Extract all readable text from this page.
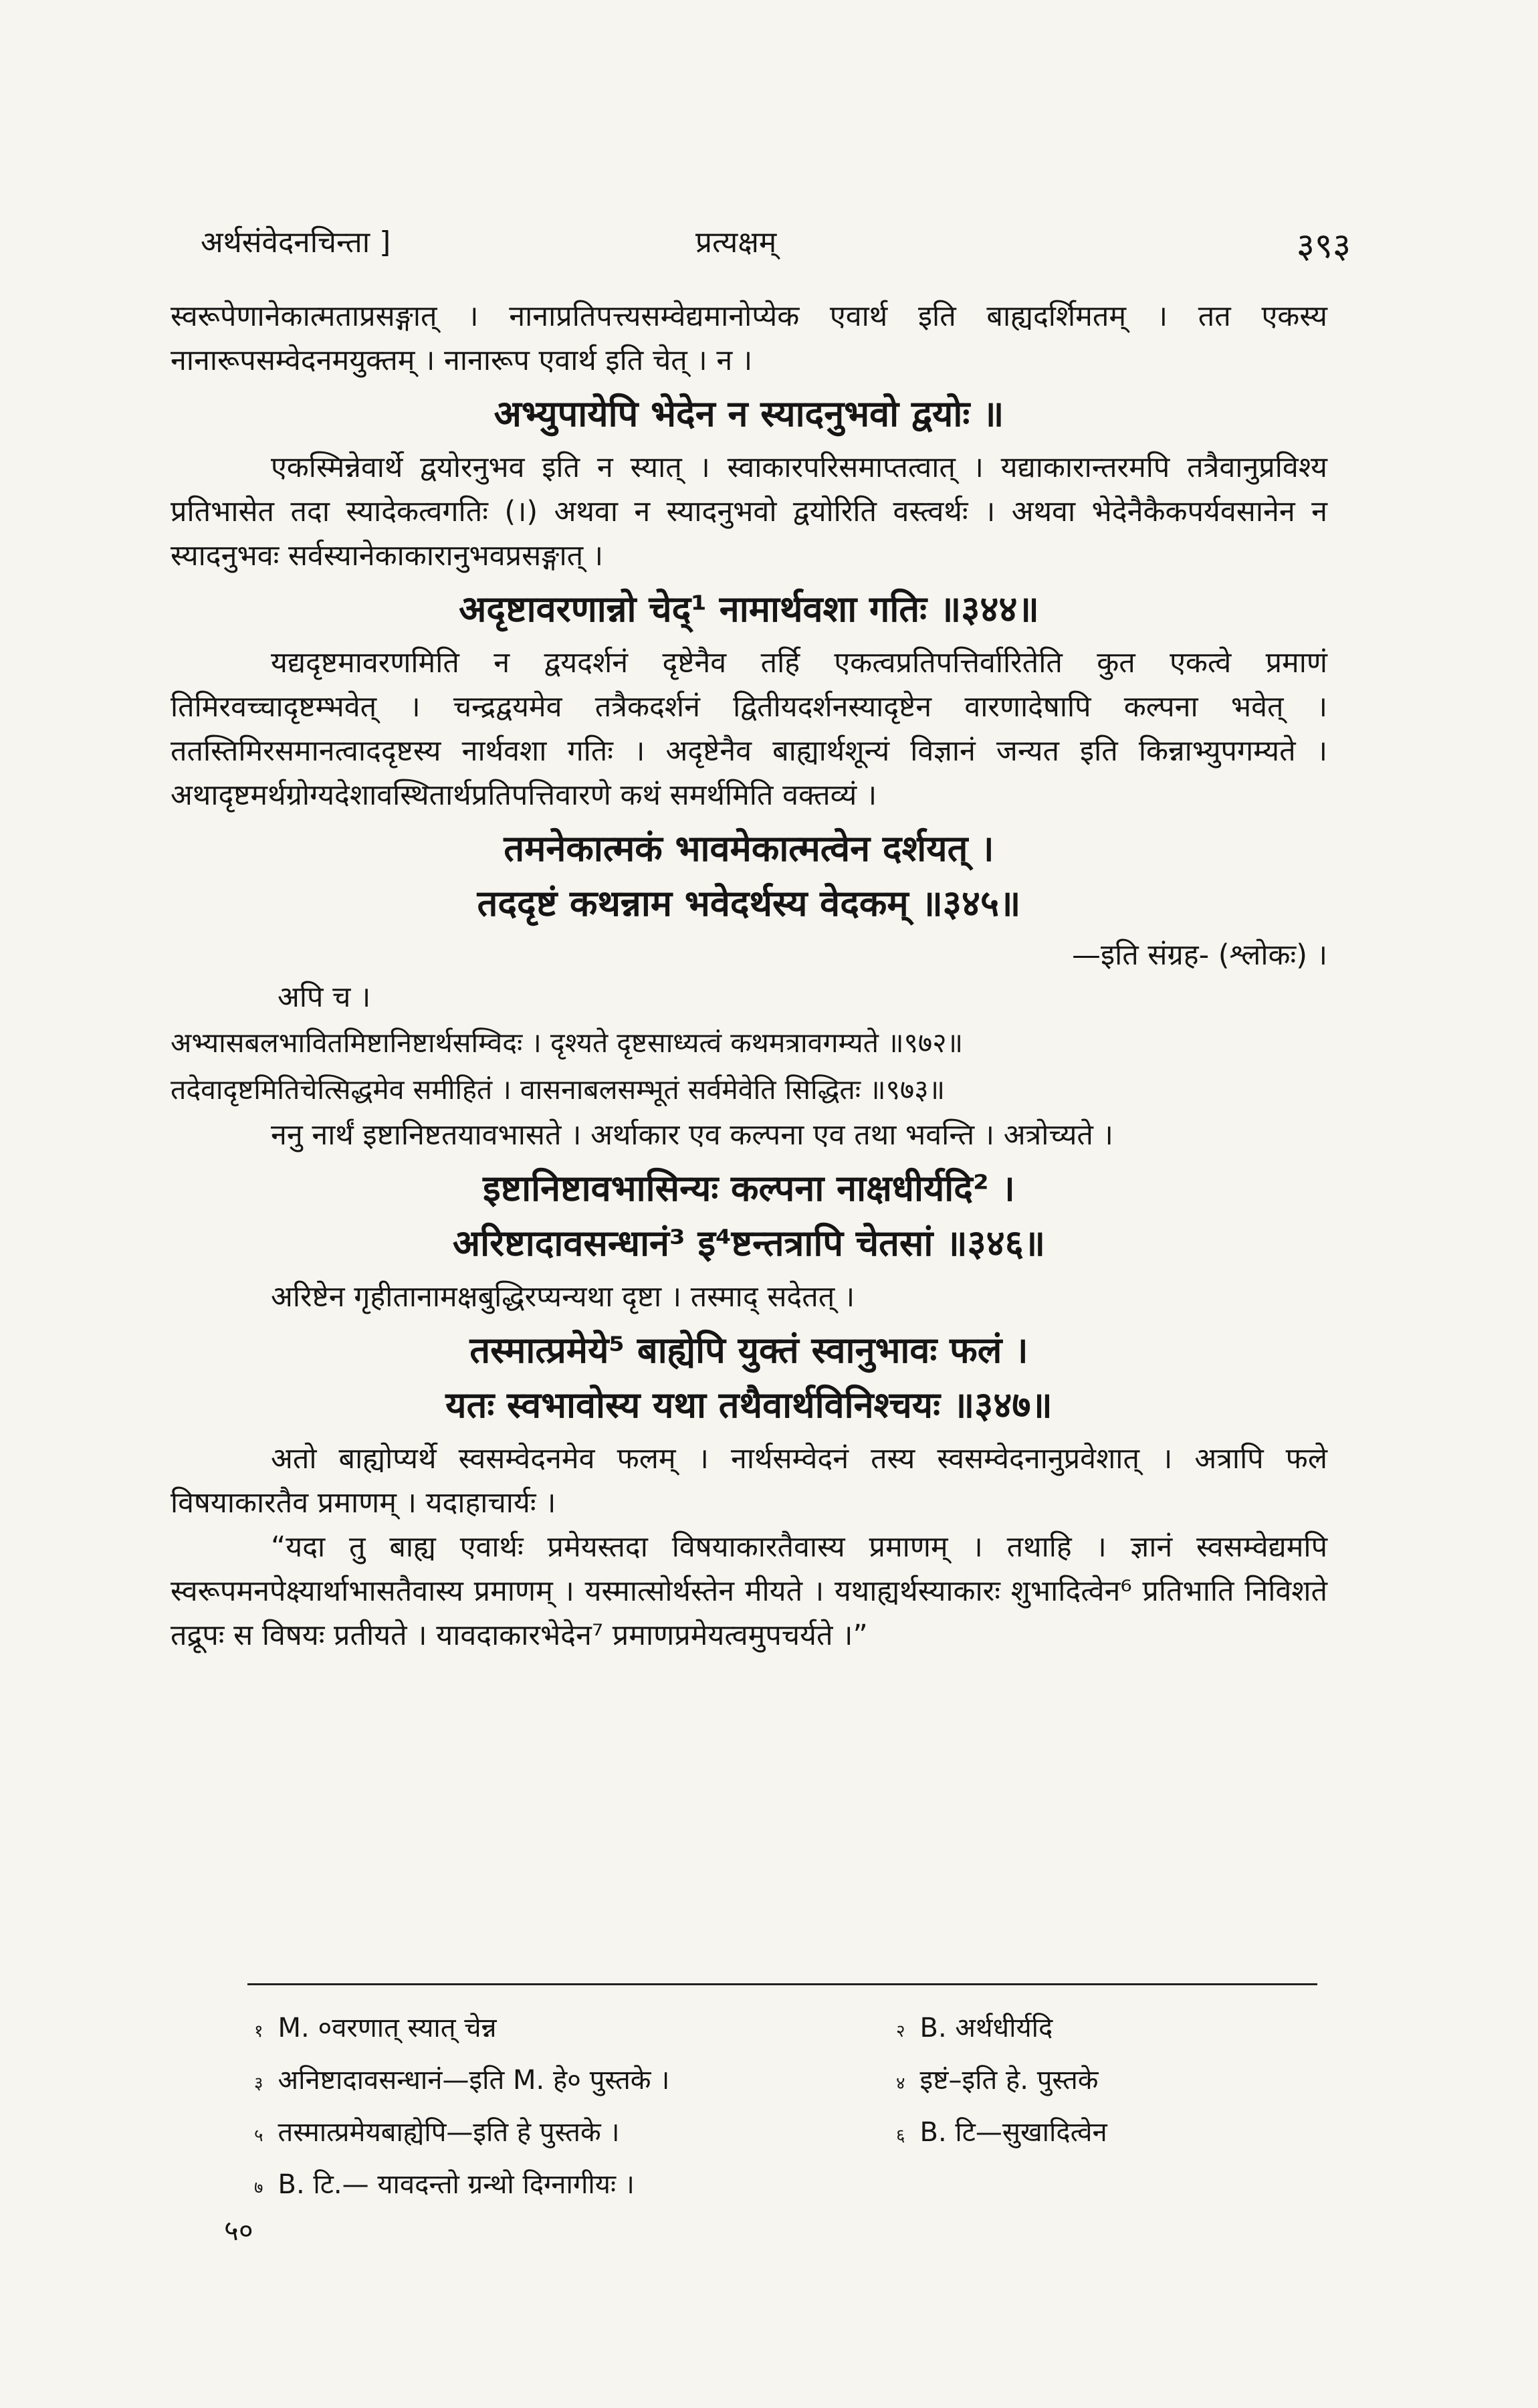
अर्थसंवेदनचिन्ता ]	प्रत्यक्षम्	३९३

स्वरूपेणानेकात्मताप्रसङ्गात् । नानाप्रतिपत्त्यसम्वेद्यमानोप्येक एवार्थ इति बाह्यदर्शिमतम् । तत एकस्य नानारूपसम्वेदनमयुक्तम् । नानारूप एवार्थ इति चेत् । न ।

अभ्युपायेपि भेदेन न स्यादनुभवो द्वयोः ॥

एकस्मिन्नेवार्थे द्वयोरनुभव इति न स्यात् । स्वाकारपरिसमाप्तत्वात् । यद्याकारान्तरमपि तत्रैवानुप्रविश्य प्रतिभासेत तदा स्यादेकत्वगतिः (।) अथवा न स्यादनुभवो द्वयोरिति वस्त्वर्थः । अथवा भेदेनैकैकपर्यवसानेन न स्यादनुभवः सर्वस्यानेकाकारानुभवप्रसङ्गात् ।

अदृष्टावरणान्नो चेद्¹ नामार्थवशा गतिः ॥३४४॥

यद्यदृष्टमावरणमिति न द्वयदर्शनं दृष्टेनैव तर्हि एकत्वप्रतिपत्तिर्वारितेति कुत एकत्वे प्रमाणं तिमिरवच्चादृष्टम्भवेत् । चन्द्रद्वयमेव तत्रैकदर्शनं द्वितीयदर्शनस्यादृष्टेन वारणादेषापि कल्पना भवेत् । ततस्तिमिरसमानत्वाददृष्टस्य नार्थवशा गतिः । अदृष्टेनैव बाह्यार्थशून्यं विज्ञानं जन्यत इति किन्नाभ्युपगम्यते । अथादृष्टमर्थग्रोग्यदेशावस्थितार्थप्रतिपत्तिवारणे कथं समर्थमिति वक्तव्यं ।

तमनेकात्मकं भावमेकात्मत्वेन दर्शयत् ।
तददृष्टं कथन्नाम भवेदर्थस्य वेदकम् ॥३४५॥

—इति संग्रह- (श्लोकः) ।

अपि च ।

अभ्यासबलभावितमिष्टानिष्टार्थसम्विदः । दृश्यते दृष्टसाध्यत्वं कथमत्रावगम्यते ॥९७२॥

तदेवादृष्टमितिचेत्सिद्धमेव समीहितं । वासनाबलसम्भूतं सर्वमेवेति सिद्धितः ॥९७३॥

ननु नार्थं इष्टानिष्टतयावभासते । अर्थाकार एव कल्पना एव तथा भवन्ति । अत्रोच्यते ।

इष्टानिष्टावभासिन्यः कल्पना नाक्षधीर्यदि² ।
अरिष्टादावसन्धानं³ इ⁴ष्टन्तत्रापि चेतसां ॥३४६॥

अरिष्टेन गृहीतानामक्षबुद्धिरप्यन्यथा दृष्टा । तस्माद् सदेतत् ।

तस्मात्प्रमेये⁵ बाह्येपि युक्तं स्वानुभावः फलं ।
यतः स्वभावोस्य यथा तथैवार्थविनिश्चयः ॥३४७॥

अतो बाह्योप्यर्थे स्वसम्वेदनमेव फलम् । नार्थसम्वेदनं तस्य स्वसम्वेदनानुप्रवेशात् । अत्रापि फले विषयाकारतैव प्रमाणम् । यदाहाचार्यः ।

“यदा तु बाह्य एवार्थः प्रमेयस्तदा विषयाकारतैवास्य प्रमाणम् । तथाहि । ज्ञानं स्वसम्वेद्यमपि स्वरूपमनपेक्ष्यार्थाभासतैवास्य प्रमाणम् । यस्मात्सोर्थस्तेन मीयते । यथाह्यर्थस्याकारः शुभादित्वेन⁶ प्रतिभाति निविशते तद्रूपः स विषयः प्रतीयते । यावदाकारभेदेन⁷ प्रमाणप्रमेयत्वमुपचर्यते ।”

१ M. ०वरणात् स्यात् चेन्न	२ B. अर्थधीर्यदि
३ अनिष्टादावसन्धानं—इति M. हे० पुस्तके ।	४ इष्टं–इति हे. पुस्तके
५ तस्मात्प्रमेयबाह्येपि—इति हे पुस्तके ।	६ B. टि—सुखादित्वेन
७ B. टि.— यावदन्तो ग्रन्थो दिग्नागीयः ।
५०
